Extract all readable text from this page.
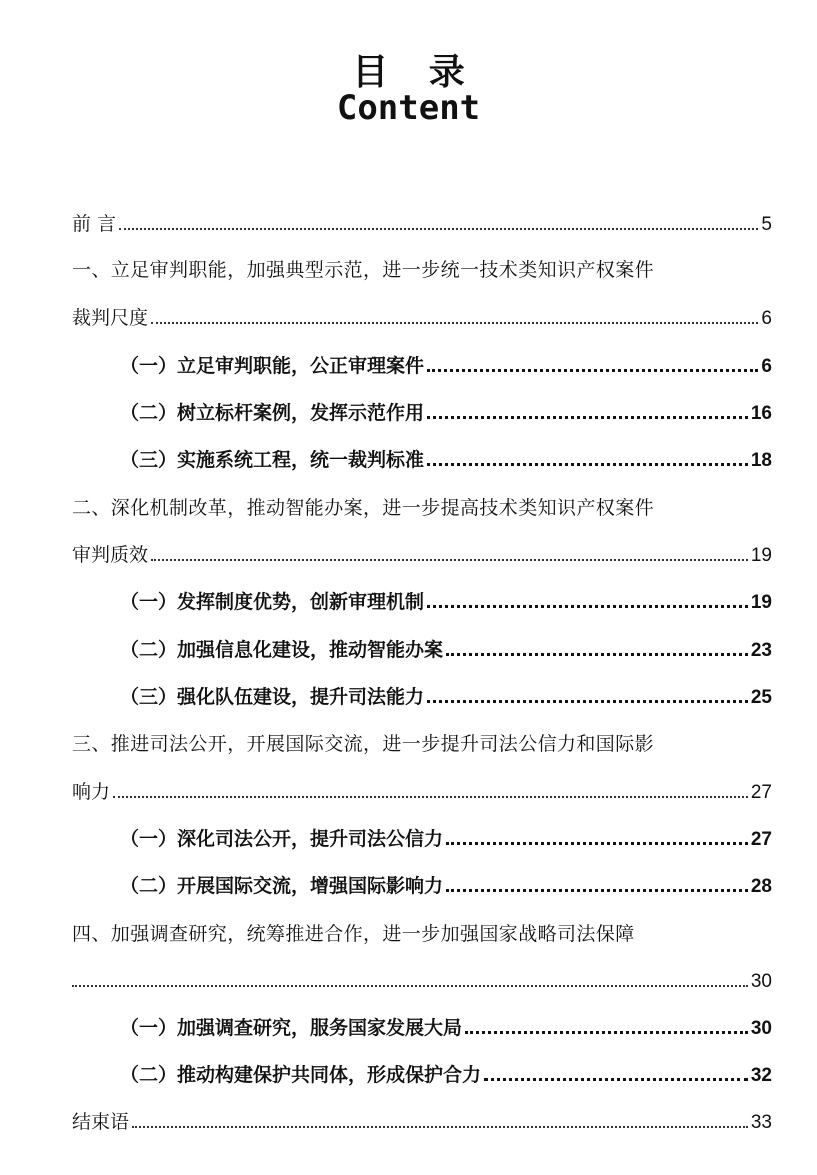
目 录
Content
前 言	5
一、立足审判职能，加强典型示范，进一步统一技术类知识产权案件
裁判尺度	6
（一）立足审判职能，公正审理案件	6
（二）树立标杆案例，发挥示范作用	16
（三）实施系统工程，统一裁判标准	18
二、深化机制改革，推动智能办案，进一步提高技术类知识产权案件
审判质效	19
（一）发挥制度优势，创新审理机制	19
（二）加强信息化建设，推动智能办案	23
（三）强化队伍建设，提升司法能力	25
三、推进司法公开，开展国际交流，进一步提升司法公信力和国际影
响力	27
（一）深化司法公开，提升司法公信力	27
（二）开展国际交流，增强国际影响力	28
四、加强调查研究，统筹推进合作，进一步加强国家战略司法保障
30
（一）加强调查研究，服务国家发展大局	30
（二）推动构建保护共同体，形成保护合力	32
结束语	33
